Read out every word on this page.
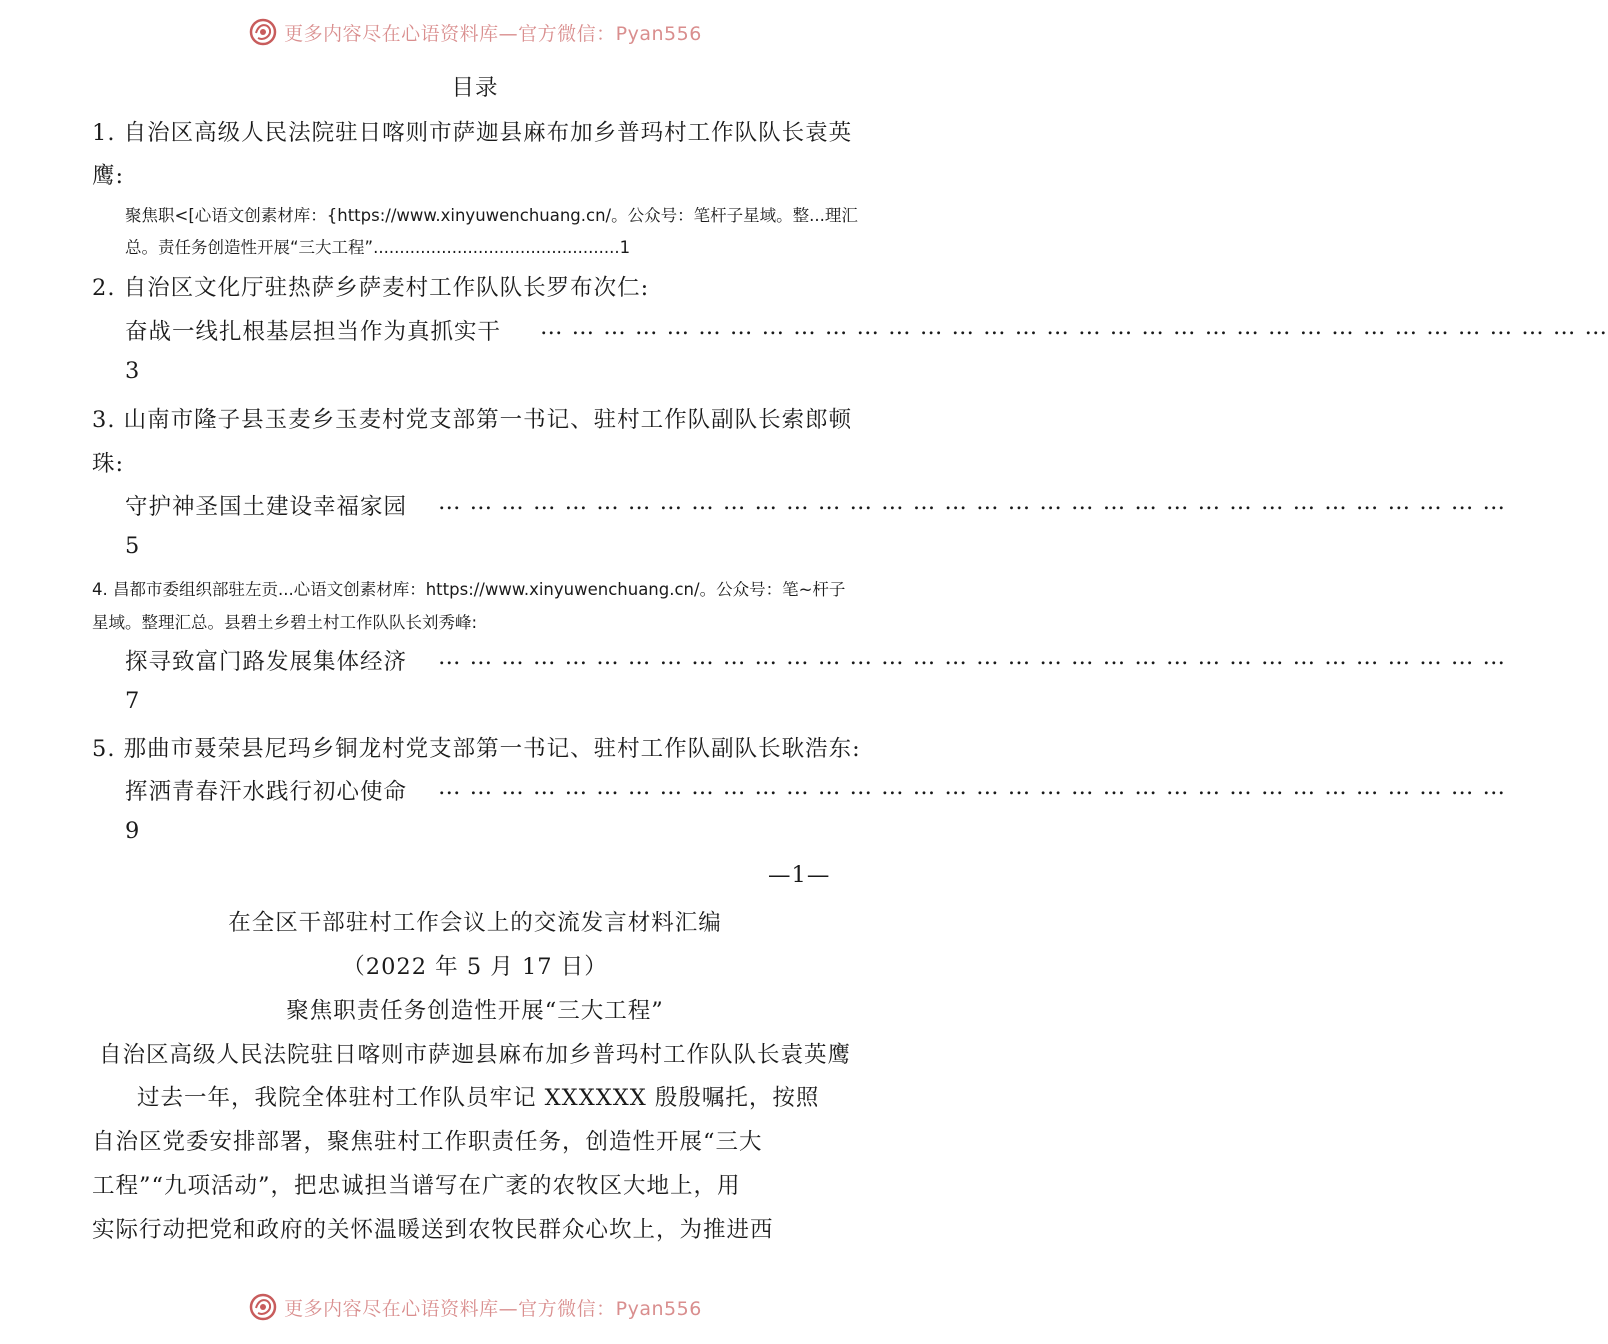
更多内容尽在心语资料库—官方微信：Pyan556
目录
1. 自治区高级人民法院驻日喀则市萨迦县麻布加乡普玛村工作队队长袁英
鹰:
聚焦职<[心语文创素材库：{https://www.xinyuwenchuang.cn/。公众号：笔杆子星域。整...理汇
总。责任务创造性开展“三大工程”...............................................1
2. 自治区文化厅驻热萨乡萨麦村工作队队长罗布次仁:
奋战一线扎根基层担当作为真抓实干 … … … … … … … … … … … … … … … … … … … … … … … … … … … … … … … … … …
3
3. 山南市隆子县玉麦乡玉麦村党支部第一书记、驻村工作队副队长索郎顿
珠:
守护神圣国土建设幸福家园 … … … … … … … … … … … … … … … … … … … … … … … … … … … … … … … … … …
5
4. 昌都市委组织部驻左贡...心语文创素材库：https://www.xinyuwenchuang.cn/。公众号：笔~杆子
星域。整理汇总。县碧土乡碧土村工作队队长刘秀峰:
探寻致富门路发展集体经济 … … … … … … … … … … … … … … … … … … … … … … … … … … … … … … … … … …
7
5. 那曲市聂荣县尼玛乡铜龙村党支部第一书记、驻村工作队副队长耿浩东:
挥洒青春汗水践行初心使命 … … … … … … … … … … … … … … … … … … … … … … … … … … … … … … … … … …
9
—1—
在全区干部驻村工作会议上的交流发言材料汇编
（2022 年 5 月 17 日）
聚焦职责任务创造性开展“三大工程”
自治区高级人民法院驻日喀则市萨迦县麻布加乡普玛村工作队队长袁英鹰
过去一年，我院全体驻村工作队员牢记 XXXXXX 殷殷嘱托，按照
自治区党委安排部署，聚焦驻村工作职责任务，创造性开展“三大
工程”“九项活动”，把忠诚担当谱写在广袤的农牧区大地上，用
实际行动把党和政府的关怀温暖送到农牧民群众心坎上，为推进西
更多内容尽在心语资料库—官方微信：Pyan556
